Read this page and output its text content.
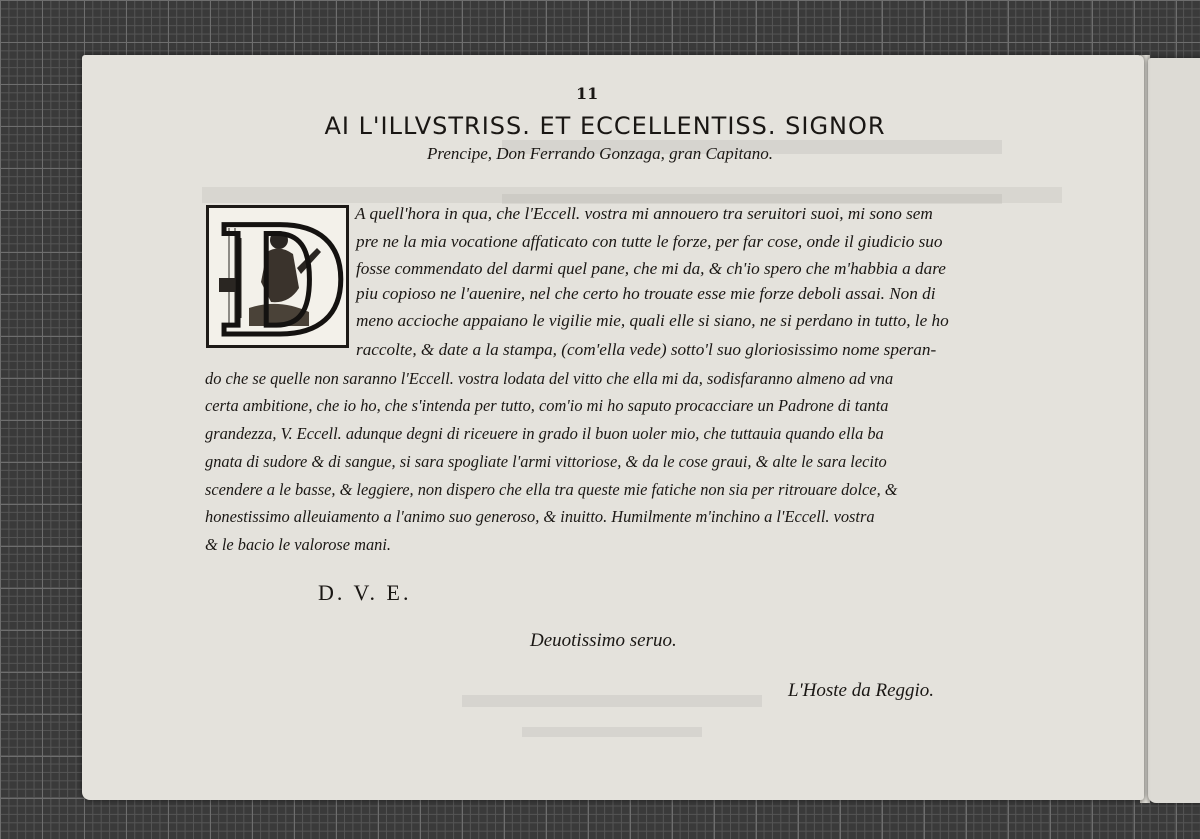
11
AI L'ILLVSTRISS. ET ECCELLENTISS. SIGNOR
Prencipe, Don Ferrando Gonzaga, gran Capitano.
D A quell'hora in qua, che l'Eccell. vostra mi annouero tra seruitori suoi, mi sono sem
pre ne la mia vocatione affaticato con tutte le forze, per far cose, onde il giudicio suo
fosse commendato del darmi quel pane, che mi da, & ch'io spero che m'habbia a dare
piu copioso ne l'auenire, nel che certo ho trouate esse mie forze deboli assai. Non di
meno accioche appaiano le vigilie mie, quali elle si siano, ne si perdano in tutto, le ho
raccolte, & date a la stampa, (com'ella vede) sotto'l suo gloriosissimo nome speran-
do che se quelle non saranno l'Eccell. vostra lodata del vitto che ella mi da, sodisfaranno almeno ad vna
certa ambitione, che io ho, che s'intenda per tutto, com'io mi ho saputo procacciare un Padrone di tanta
grandezza, V. Eccell. adunque degni di riceuere in grado il buon uoler mio, che tuttauia quando ella ba
gnata di sudore & di sangue, si sara spogliate l'armi vittoriose, & da le cose graui, & alte le sara lecito
scendere a le basse, & leggiere, non dispero che ella tra queste mie fatiche non sia per ritrouare dolce, &
honestissimo alleuiamento a l'animo suo generoso, & inuitto. Humilmente m'inchino a l'Eccell. vostra
& le bacio le valorose mani.
D. V. E.
Deuotissimo seruo.
L'Hoste da Reggio.
